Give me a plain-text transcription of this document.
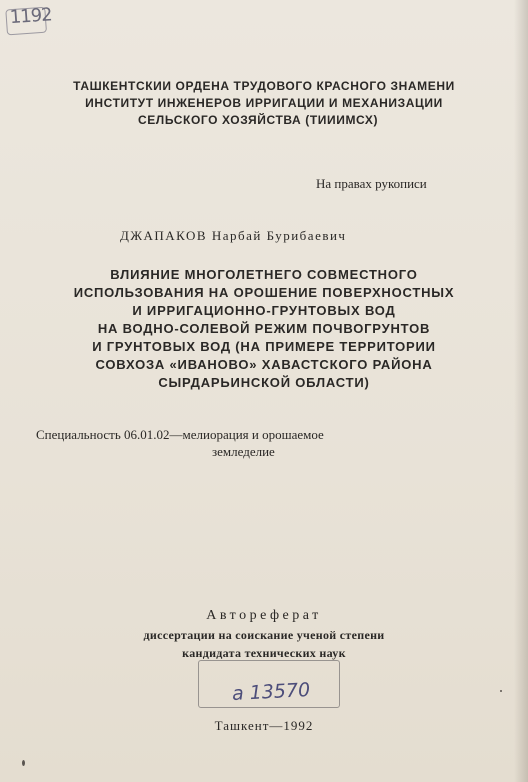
1192
ТАШКЕНТСКИИ ОРДЕНА ТРУДОВОГО КРАСНОГО ЗНАМЕНИ
ИНСТИТУТ ИНЖЕНЕРОВ ИРРИГАЦИИ И МЕХАНИЗАЦИИ
СЕЛЬСКОГО ХОЗЯЙСТВА (ТИИИМСХ)
На правах рукописи
ДЖАПАКОВ Нарбай Бурибаевич
ВЛИЯНИЕ МНОГОЛЕТНЕГО СОВМЕСТНОГО
ИСПОЛЬЗОВАНИЯ НА ОРОШЕНИЕ ПОВЕРХНОСТНЫХ
И ИРРИГАЦИОННО-ГРУНТОВЫХ ВОД
НА ВОДНО-СОЛЕВОЙ РЕЖИМ ПОЧВОГРУНТОВ
И ГРУНТОВЫХ ВОД (НА ПРИМЕРЕ ТЕРРИТОРИИ
СОВХОЗА «ИВАНОВО» ХАВАСТСКОГО РАЙОНА
СЫРДАРЬИНСКОЙ ОБЛАСТИ)
Специальность 06.01.02—мелиорация и орошаемое
земледелие
Автореферат
диссертации на соискание ученой степени
кандидата технических наук
а 13570
Ташкент—1992
